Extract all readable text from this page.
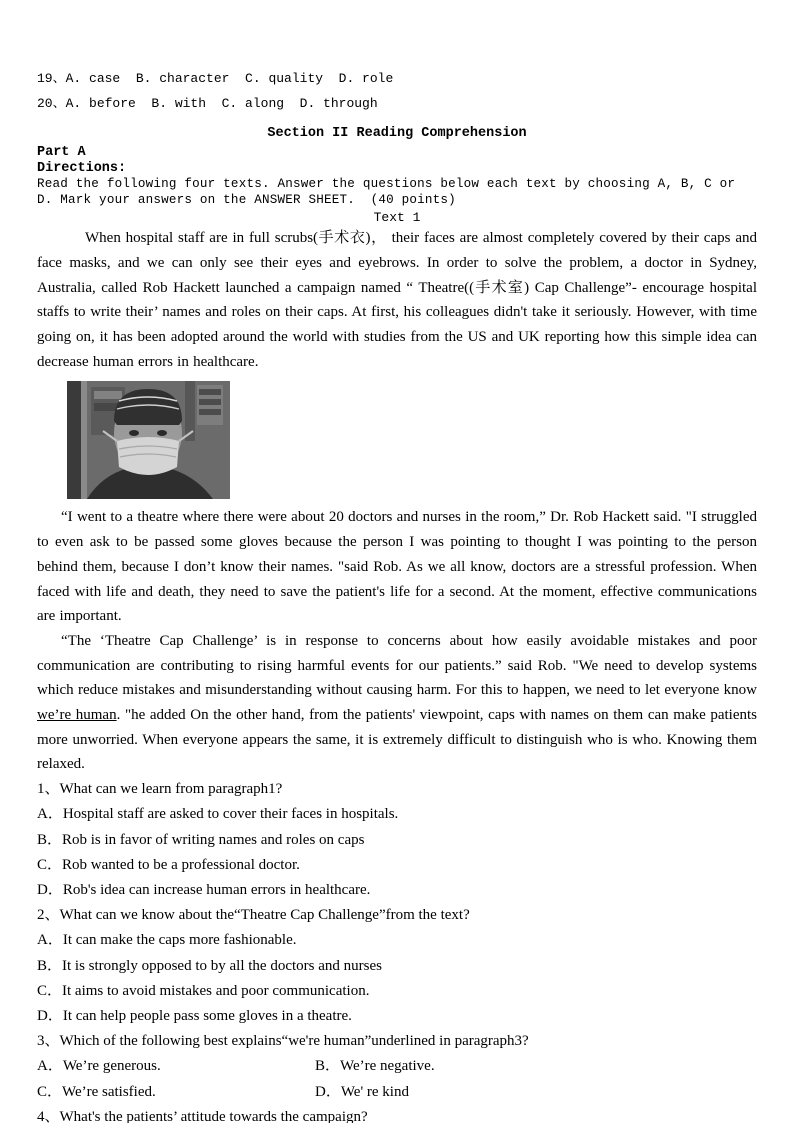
19、A. case  B. character  C. quality  D. role
20、A. before  B. with  C. along  D. through
Section II Reading Comprehension
Part A
Directions:
Read the following four texts. Answer the questions below each text by choosing A, B, C or D. Mark your answers on the ANSWER SHEET.  (40 points)
Text 1

When hospital staff are in full scrubs(手术衣)， their faces are almost completely covered by their caps and face masks, and we can only see their eyes and eyebrows. In order to solve the problem, a doctor in Sydney, Australia, called Rob Hackett launched a campaign named “ Theatre((手术室) Cap Challenge”- encourage hospital staffs to write their’ names and roles on their caps. At first, his colleagues didn't take it seriously. However, with time going on, it has been adopted around the world with studies from the US and UK reporting how this simple idea can decrease human errors in healthcare.

“I went to a theatre where there were about 20 doctors and nurses in the room,” Dr. Rob Hackett said. "I struggled to even ask to be passed some gloves because the person I was pointing to thought I was pointing to the person behind them, because I don’t know their names. "said Rob. As we all know, doctors are a stressful profession. When faced with life and death, they need to save the patient's life for a second. At the moment, effective communications are important.

“The ‘Theatre Cap Challenge’ is in response to concerns about how easily avoidable mistakes and poor communication are contributing to rising harmful events for our patients.” said Rob. "We need to develop systems which reduce mistakes and misunderstanding without causing harm. For this to happen, we need to let everyone know we’re human. "he added On the other hand, from the patients' viewpoint, caps with names on them can make patients more unworried. When everyone appears the same, it is extremely difficult to distinguish who is who. Knowing them relaxed.

1、What can we learn from paragraph1?
A．Hospital staff are asked to cover their faces in hospitals.
B．Rob is in favor of writing names and roles on caps
C．Rob wanted to be a professional doctor.
D．Rob's idea can increase human errors in healthcare.
2、What can we know about the“Theatre Cap Challenge”from the text?
A．It can make the caps more fashionable.
B．It is strongly opposed to by all the doctors and nurses
C．It aims to avoid mistakes and poor communication.
D．It can help people pass some gloves in a theatre.
3、Which of the following best explains“we're human”underlined in paragraph3?
A．We’re generous.	B．We’re negative.
C．We’re satisfied.	D．We' re kind
4、What's the patients’ attitude towards the campaign?
